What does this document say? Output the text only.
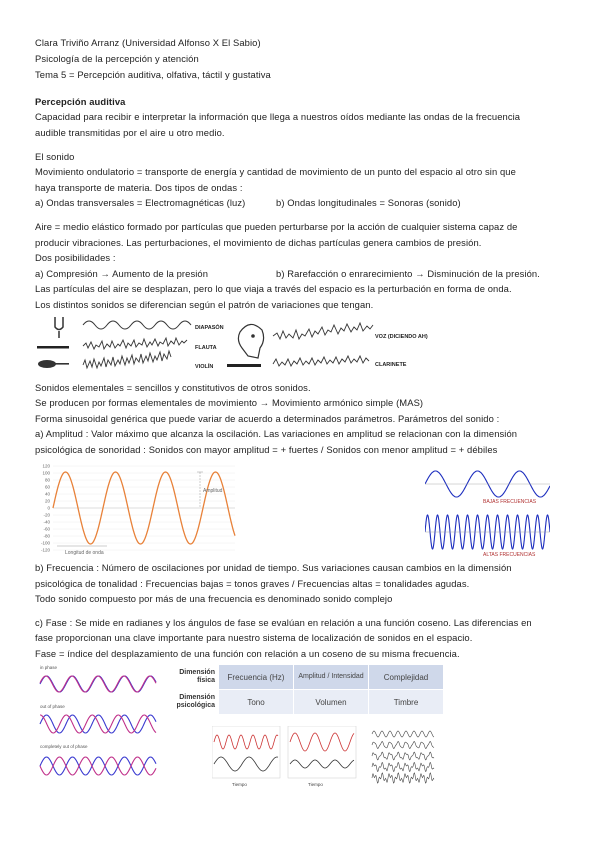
Clara Triviño Arranz (Universidad Alfonso X El Sabio)
Psicología de la percepción y atención
Tema 5 = Percepción auditiva, olfativa, táctil y gustativa
Percepción auditiva
Capacidad para recibir e interpretar la información que llega a nuestros oídos mediante las ondas de la frecuencia
audible transmitidas por el aire u otro medio.
El sonido
Movimiento ondulatorio = transporte de energía y cantidad de movimiento de un punto del espacio al otro sin que
haya transporte de materia. Dos tipos de ondas :
a) Ondas transversales = Electromagnéticas (luz)	b) Ondas longitudinales = Sonoras (sonido)
Aire = medio elástico formado por partículas que pueden perturbarse por la acción de cualquier sistema capaz de
producir vibraciones. Las perturbaciones, el movimiento de dichas partículas genera cambios de presión.
Dos posibilidades :
a) Compresión → Aumento de la presión	b) Rarefacción o enrarecimiento → Disminución de la presión.
Las partículas del aire se desplazan, pero lo que viaja a través del espacio es la perturbación en forma de onda.
Los distintos sonidos se diferencian según el patrón de variaciones que tengan.
DIAPASÓN
FLAUTA
VIOLÍN
VOZ (DICIENDO AH)
CLARINETE
Sonidos elementales = sencillos y constitutivos de otros sonidos.
Se producen por formas elementales de movimiento → Movimiento armónico simple (MAS)
Forma sinusoidal genérica que puede variar de acuerdo a determinados parámetros. Parámetros del sonido :
a) Amplitud : Valor máximo que alcanza la oscilación. Las variaciones en amplitud se relacionan con la dimensión
psicológica de sonoridad : Sonidos con mayor amplitud = + fuertes / Sonidos con menor amplitud = + débiles
120
100
80
60
40
20
0
-20
-40
-60
-80
-100
-120
Amplitud
Longitud de onda
BAJAS FRECUENCIAS
ALTAS FRECUENCIAS
b) Frecuencia : Número de oscilaciones por unidad de tiempo. Sus variaciones causan cambios en la dimensión
psicológica de tonalidad : Frecuencias bajas = tonos graves / Frecuencias altas = tonalidades agudas.
Todo sonido compuesto por más de una frecuencia es denominado sonido complejo
c) Fase : Se mide en radianes y los ángulos de fase se evalúan en relación a una función coseno. Las diferencias en
fase proporcionan una clave importante para nuestro sistema de localización de sonidos en el espacio.
Fase = índice del desplazamiento de una función con relación a un coseno de su misma frecuencia.
in phase
out of phase
completely out of phase
Dimensión física	Frecuencia (Hz)	Amplitud / Intensidad	Complejidad
Dimensión psicológica	Tono	Volumen	Timbre
Tiempo	Tiempo
